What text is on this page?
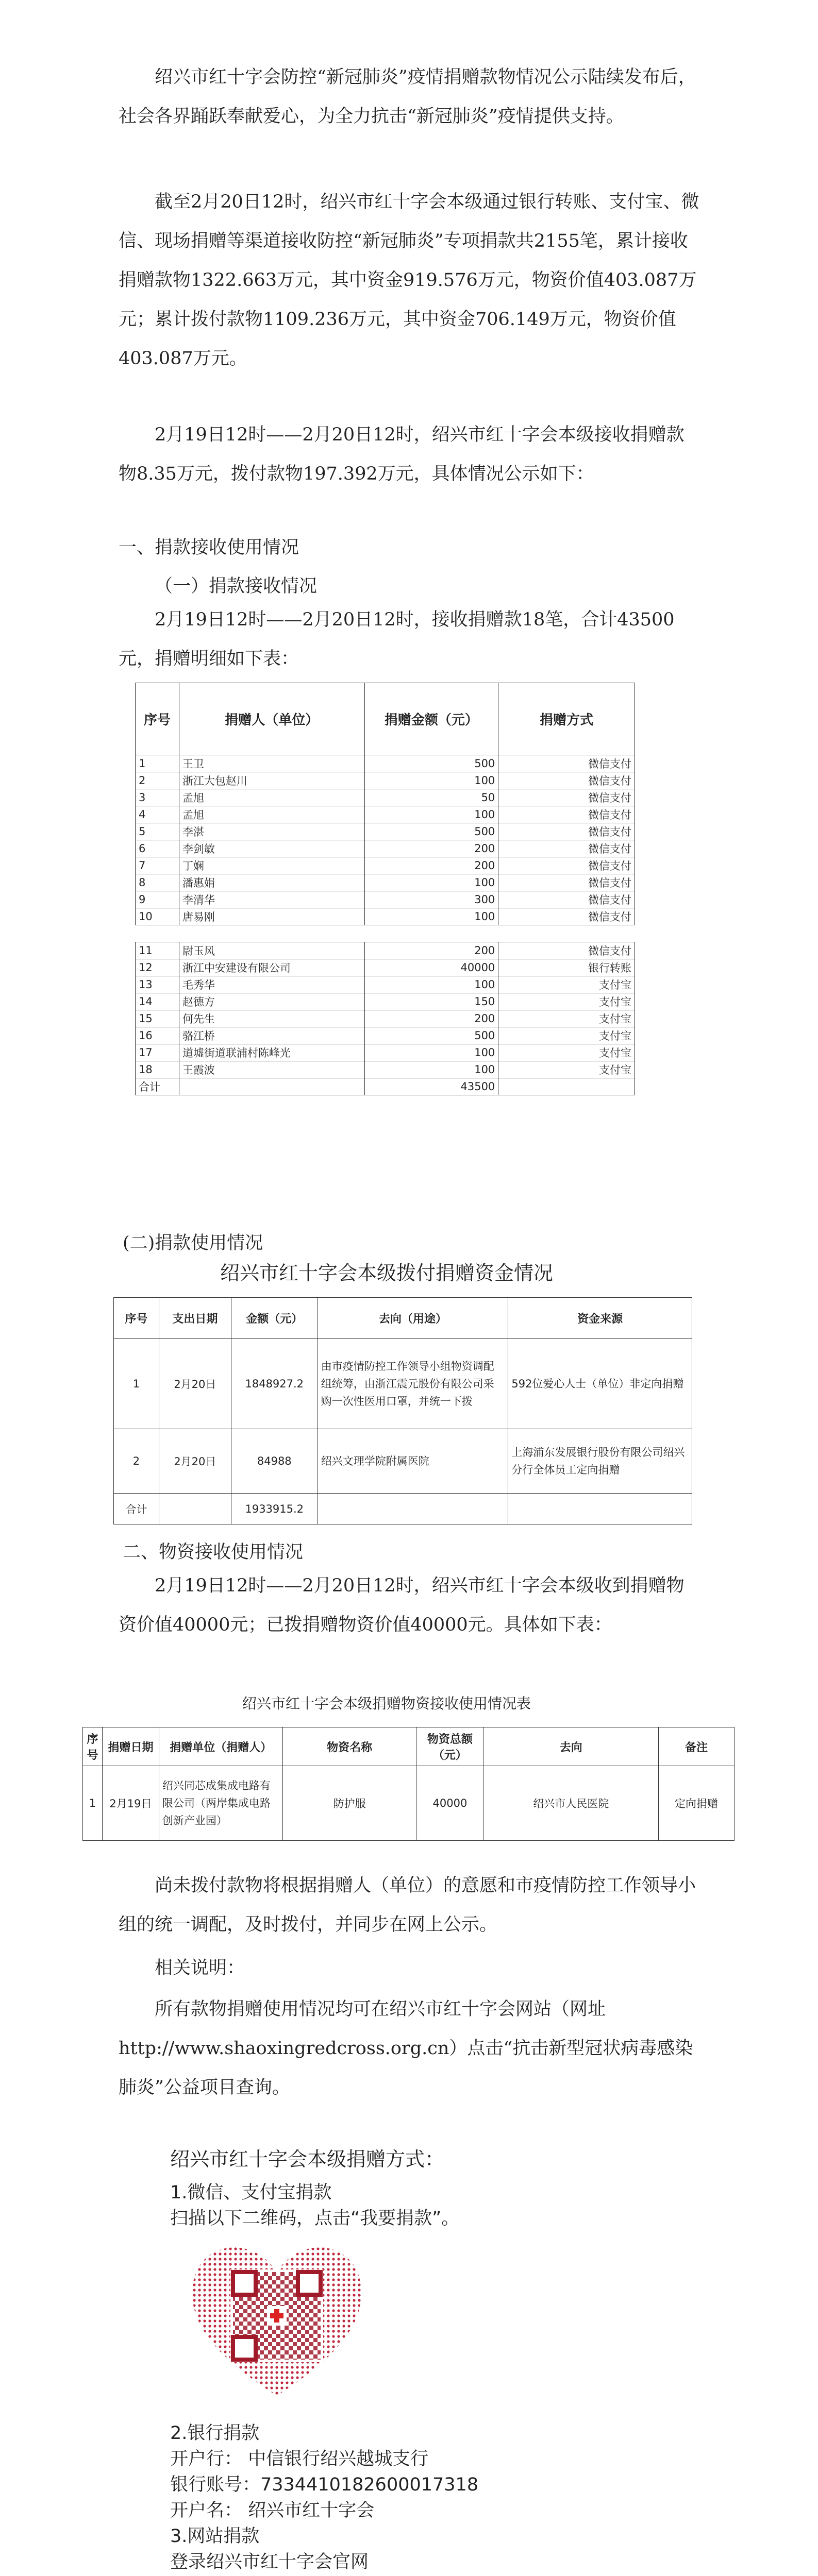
绍兴市红十字会防控“新冠肺炎”疫情捐赠款物情况公示陆续发布后，社会各界踊跃奉献爱心，为全力抗击“新冠肺炎”疫情提供支持。

截至2月20日12时，绍兴市红十字会本级通过银行转账、支付宝、微信、现场捐赠等渠道接收防控“新冠肺炎”专项捐款共2155笔，累计接收捐赠款物1322.663万元，其中资金919.576万元，物资价值403.087万元；累计拨付款物1109.236万元，其中资金706.149万元，物资价值403.087万元。

2月19日12时——2月20日12时，绍兴市红十字会本级接收捐赠款物8.35万元，拨付款物197.392万元，具体情况公示如下：

一、捐款接收使用情况

（一）捐款接收情况

2月19日12时——2月20日12时，接收捐赠款18笔，合计43500元，捐赠明细如下表：

序号	捐赠人（单位）	捐赠金额（元）	捐赠方式
1	王卫	500	微信支付
2	浙江大包赵川	100	微信支付
3	孟旭	50	微信支付
4	孟旭	100	微信支付
5	李湛	500	微信支付
6	李剑敏	200	微信支付
7	丁娴	200	微信支付
8	潘惠娟	100	微信支付
9	李清华	300	微信支付
10	唐易刚	100	微信支付

11	尉玉风	200	微信支付
12	浙江中安建设有限公司	40000	银行转账
13	毛秀华	100	支付宝
14	赵德方	150	支付宝
15	何先生	200	支付宝
16	骆江桥	500	支付宝
17	道墟街道联浦村陈峰光	100	支付宝
18	王霞波	100	支付宝
合计		43500	

(二)捐款使用情况

绍兴市红十字会本级拨付捐赠资金情况

序号	支出日期	金额（元）	去向（用途）	资金来源
1	2月20日	1848927.2	由市疫情防控工作领导小组物资调配组统筹，由浙江震元股份有限公司采购一次性医用口罩，并统一下拨	592位爱心人士（单位）非定向捐赠
2	2月20日	84988	绍兴文理学院附属医院	上海浦东发展银行股份有限公司绍兴分行全体员工定向捐赠
合计		1933915.2		

二、物资接收使用情况

2月19日12时——2月20日12时，绍兴市红十字会本级收到捐赠物资价值40000元；已拨捐赠物资价值40000元。具体如下表：

绍兴市红十字会本级捐赠物资接收使用情况表

序号	捐赠日期	捐赠单位（捐赠人）	物资名称	物资总额（元）	去向	备注
1	2月19日	绍兴同芯成集成电路有限公司（两岸集成电路创新产业园）	防护服	40000	绍兴市人民医院	定向捐赠

尚未拨付款物将根据捐赠人（单位）的意愿和市疫情防控工作领导小组的统一调配，及时拨付，并同步在网上公示。

相关说明：

所有款物捐赠使用情况均可在绍兴市红十字会网站（网址http://www.shaoxingredcross.org.cn）点击“抗击新型冠状病毒感染肺炎”公益项目查询。

绍兴市红十字会本级捐赠方式：

1.微信、支付宝捐款

扫描以下二维码，点击“我要捐款”。

2.银行捐款

开户行： 中信银行绍兴越城支行

银行账号：7334410182600017318

开户名： 绍兴市红十字会

3.网站捐款

登录绍兴市红十字会官网
